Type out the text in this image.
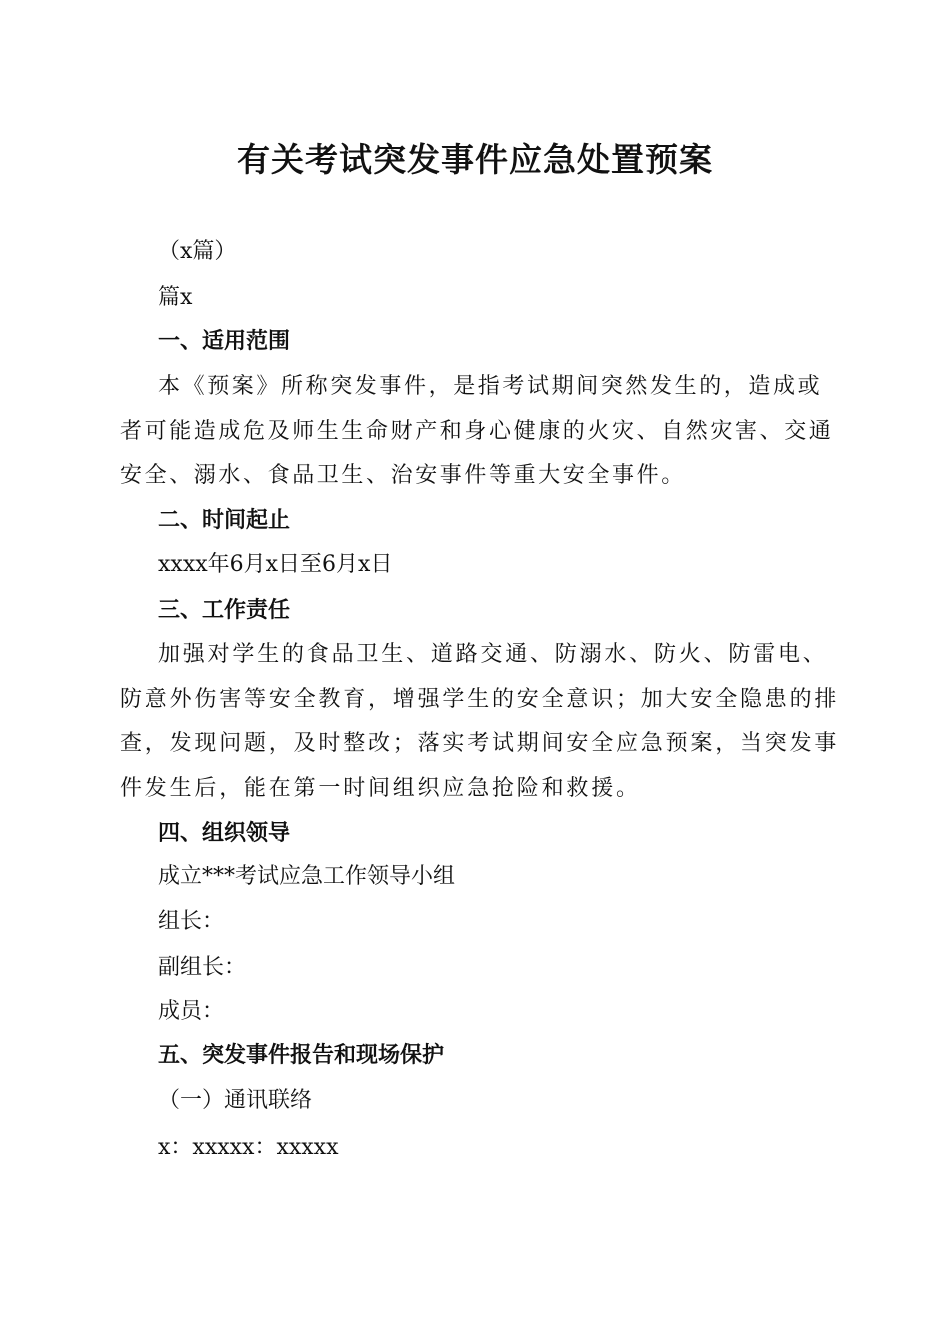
有关考试突发事件应急处置预案

（x篇）

篇x

一、适用范围

本《预案》所称突发事件，是指考试期间突然发生的，造成或者可能造成危及师生生命财产和身心健康的火灾、自然灾害、交通安全、溺水、食品卫生、治安事件等重大安全事件。

二、时间起止

xxxx年6月x日至6月x日

三、工作责任

加强对学生的食品卫生、道路交通、防溺水、防火、防雷电、防意外伤害等安全教育，增强学生的安全意识；加大安全隐患的排查，发现问题，及时整改；落实考试期间安全应急预案，当突发事件发生后，能在第一时间组织应急抢险和救援。

四、组织领导

成立***考试应急工作领导小组

组长：

副组长：

成员：

五、突发事件报告和现场保护

（一）通讯联络

x：xxxxx：xxxxx
